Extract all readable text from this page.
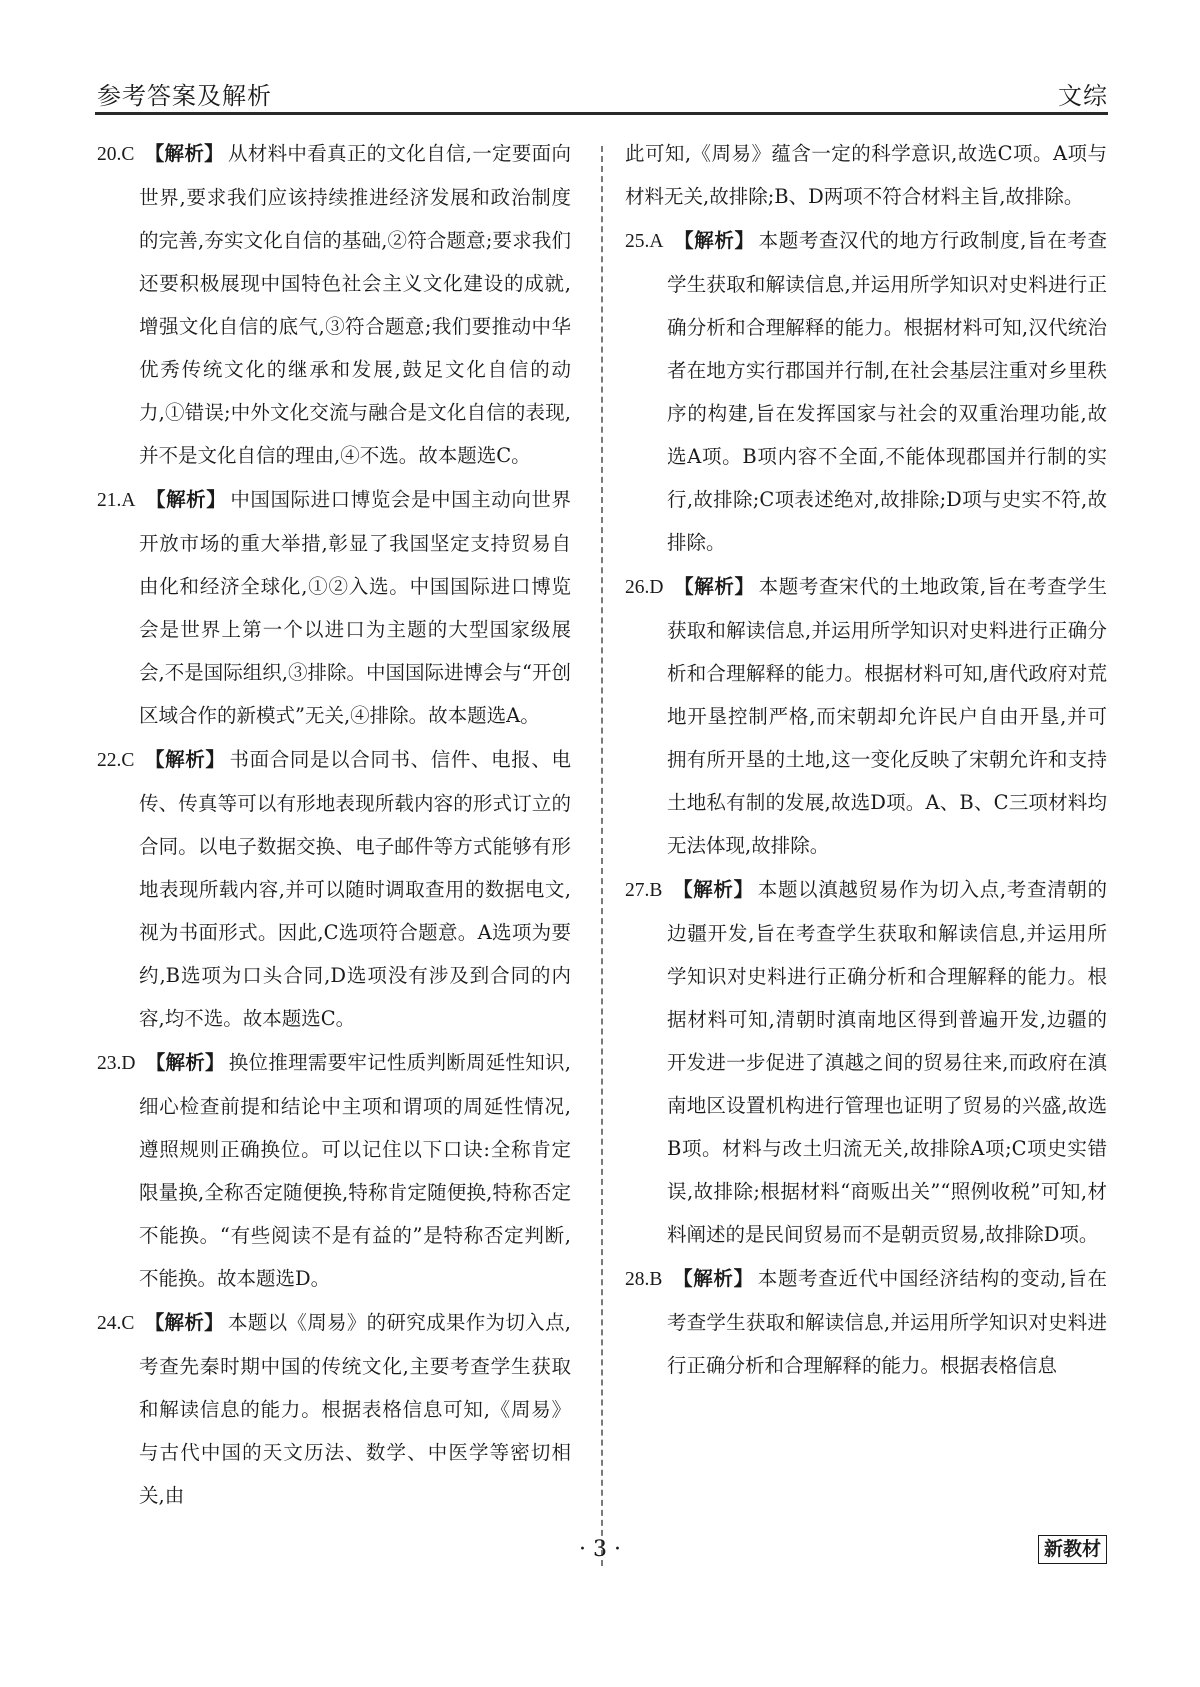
参考答案及解析	文综

20.C 【解析】 从材料中看真正的文化自信,一定要面向世界,要求我们应该持续推进经济发展和政治制度的完善,夯实文化自信的基础,②符合题意;要求我们还要积极展现中国特色社会主义文化建设的成就,增强文化自信的底气,③符合题意;我们要推动中华优秀传统文化的继承和发展,鼓足文化自信的动力,①错误;中外文化交流与融合是文化自信的表现,并不是文化自信的理由,④不选。故本题选C。

21.A 【解析】 中国国际进口博览会是中国主动向世界开放市场的重大举措,彰显了我国坚定支持贸易自由化和经济全球化,①②入选。中国国际进口博览会是世界上第一个以进口为主题的大型国家级展会,不是国际组织,③排除。中国国际进博会与“开创区域合作的新模式”无关,④排除。故本题选A。

22.C 【解析】 书面合同是以合同书、信件、电报、电传、传真等可以有形地表现所载内容的形式订立的合同。以电子数据交换、电子邮件等方式能够有形地表现所载内容,并可以随时调取查用的数据电文,视为书面形式。因此,C选项符合题意。A选项为要约,B选项为口头合同,D选项没有涉及到合同的内容,均不选。故本题选C。

23.D 【解析】 换位推理需要牢记性质判断周延性知识,细心检查前提和结论中主项和谓项的周延性情况,遵照规则正确换位。可以记住以下口诀:全称肯定限量换,全称否定随便换,特称肯定随便换,特称否定不能换。“有些阅读不是有益的”是特称否定判断,不能换。故本题选D。

24.C 【解析】 本题以《周易》的研究成果作为切入点,考查先秦时期中国的传统文化,主要考查学生获取和解读信息的能力。根据表格信息可知,《周易》与古代中国的天文历法、数学、中医学等密切相关,由

此可知,《周易》蕴含一定的科学意识,故选C项。A项与材料无关,故排除;B、D两项不符合材料主旨,故排除。

25.A 【解析】 本题考查汉代的地方行政制度,旨在考查学生获取和解读信息,并运用所学知识对史料进行正确分析和合理解释的能力。根据材料可知,汉代统治者在地方实行郡国并行制,在社会基层注重对乡里秩序的构建,旨在发挥国家与社会的双重治理功能,故选A项。B项内容不全面,不能体现郡国并行制的实行,故排除;C项表述绝对,故排除;D项与史实不符,故排除。

26.D 【解析】 本题考查宋代的土地政策,旨在考查学生获取和解读信息,并运用所学知识对史料进行正确分析和合理解释的能力。根据材料可知,唐代政府对荒地开垦控制严格,而宋朝却允许民户自由开垦,并可拥有所开垦的土地,这一变化反映了宋朝允许和支持土地私有制的发展,故选D项。A、B、C三项材料均无法体现,故排除。

27.B 【解析】 本题以滇越贸易作为切入点,考查清朝的边疆开发,旨在考查学生获取和解读信息,并运用所学知识对史料进行正确分析和合理解释的能力。根据材料可知,清朝时滇南地区得到普遍开发,边疆的开发进一步促进了滇越之间的贸易往来,而政府在滇南地区设置机构进行管理也证明了贸易的兴盛,故选B项。材料与改土归流无关,故排除A项;C项史实错误,故排除;根据材料“商贩出关”“照例收税”可知,材料阐述的是民间贸易而不是朝贡贸易,故排除D项。

28.B 【解析】 本题考查近代中国经济结构的变动,旨在考查学生获取和解读信息,并运用所学知识对史料进行正确分析和合理解释的能力。根据表格信息

· 3 ·	新教材
